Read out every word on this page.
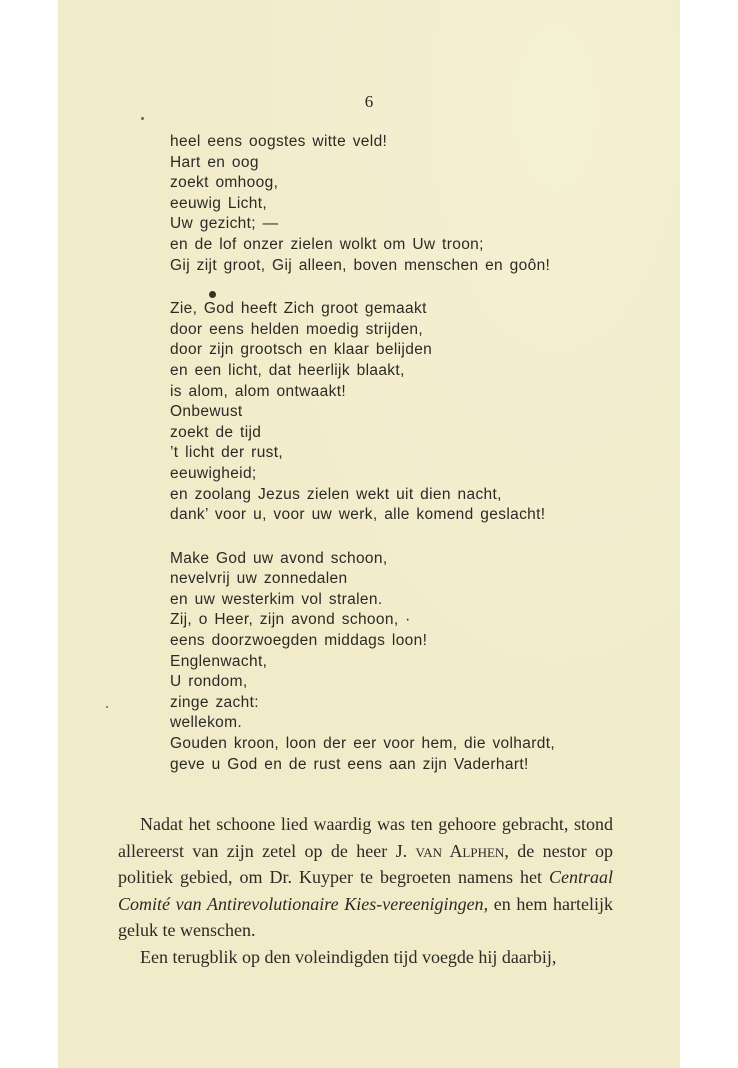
6
heel eens oogstes witte veld!
Hart en oog
zoekt omhoog,
eeuwig Licht,
Uw gezicht; —
en de lof onzer zielen wolkt om Uw troon;
Gij zijt groot, Gij alleen, boven menschen en goôn!
Zie, God heeft Zich groot gemaakt
door eens helden moedig strijden,
door zijn grootsch en klaar belijden
en een licht, dat heerlijk blaakt,
is alom, alom ontwaakt!
Onbewust
zoekt de tijd
’t licht der rust,
eeuwigheid;
en zoolang Jezus zielen wekt uit dien nacht,
dank’ voor u, voor uw werk, alle komend geslacht!
Make God uw avond schoon,
nevelvrij uw zonnedalen
en uw westerkim vol stralen.
Zij, o Heer, zijn avond schoon, ·
eens doorzwoegden middags loon!
Englenwacht,
U rondom,
zinge zacht:
wellekom.
Gouden kroon, loon der eer voor hem, die volhardt,
geve u God en de rust eens aan zijn Vaderhart!

Nadat het schoone lied waardig was ten gehoore gebracht, stond allereerst van zijn zetel op de heer J. van Alphen, de nestor op politiek gebied, om Dr. Kuyper te begroeten namens het Centraal Comité van Antirevolutionaire Kies-vereenigingen, en hem hartelijk geluk te wenschen.

Een terugblik op den voleindigden tijd voegde hij daarbij,
